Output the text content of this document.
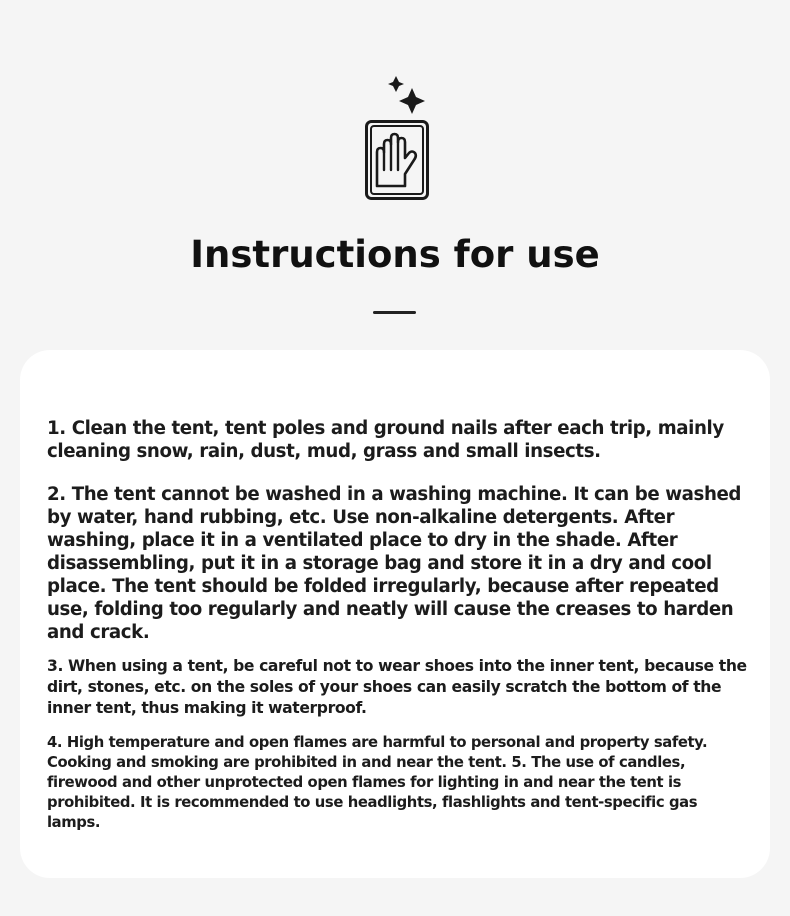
Instructions for use

1. Clean the tent, tent poles and ground nails after each trip, mainly cleaning snow, rain, dust, mud, grass and small insects.

2. The tent cannot be washed in a washing machine. It can be washed by water, hand rubbing, etc. Use non-alkaline detergents. After washing, place it in a ventilated place to dry in the shade. After disassembling, put it in a storage bag and store it in a dry and cool place. The tent should be folded irregularly, because after repeated use, folding too regularly and neatly will cause the creases to harden and crack.

3. When using a tent, be careful not to wear shoes into the inner tent, because the dirt, stones, etc. on the soles of your shoes can easily scratch the bottom of the inner tent, thus making it waterproof.

4. High temperature and open flames are harmful to personal and property safety. Cooking and smoking are prohibited in and near the tent. 5. The use of candles, firewood and other unprotected open flames for lighting in and near the tent is prohibited. It is recommended to use headlights, flashlights and tent-specific gas lamps.
